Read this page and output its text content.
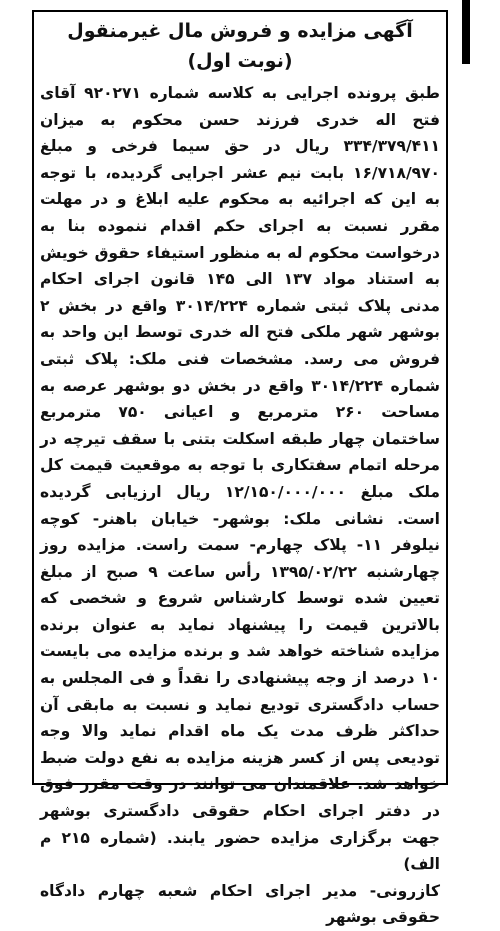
آگهی مزایده و فروش مال غیرمنقول (نوبت اول)

طبق پرونده اجرایی به کلاسه شماره ۹۲۰۲۷۱ آقای فتح اله خدری فرزند حسن محکوم به میزان ۳۳۴/۳۷۹/۴۱۱ ریال در حق سیما فرخی و مبلغ ۱۶/۷۱۸/۹۷۰ بابت نیم عشر اجرایی گردیده، با توجه به این که اجرائیه به محکوم علیه ابلاغ و در مهلت مقرر نسبت به اجرای حکم اقدام ننموده بنا به درخواست محکوم له به منظور استیفاء حقوق خویش به استناد مواد ۱۳۷ الی ۱۴۵ قانون اجرای احکام مدنی پلاک ثبتی شماره ۳۰۱۴/۲۲۴ واقع در بخش ۲ بوشهر شهر ملکی فتح اله خدری توسط این واحد به فروش می رسد. مشخصات فنی ملک: پلاک ثبتی شماره ۳۰۱۴/۲۲۴ واقع در بخش دو بوشهر عرصه به مساحت ۲۶۰ مترمربع و اعیانی ۷۵۰ مترمربع ساختمان چهار طبقه اسکلت بتنی با سقف تیرچه در مرحله اتمام سفتکاری با توجه به موقعیت قیمت کل ملک مبلغ ۱۲/۱۵۰/۰۰۰/۰۰۰ ریال ارزیابی گردیده است. نشانی ملک: بوشهر- خیابان باهنر- کوچه نیلوفر ۱۱- پلاک چهارم- سمت راست. مزایده روز چهارشنبه ۱۳۹۵/۰۲/۲۲ رأس ساعت ۹ صبح از مبلغ تعیین شده توسط کارشناس شروع و شخصی که بالاترین قیمت را پیشنهاد نماید به عنوان برنده مزایده شناخته خواهد شد و برنده مزایده می بایست ۱۰ درصد از وجه پیشنهادی را نقداً و فی المجلس به حساب دادگستری تودیع نماید و نسبت به مابقی آن حداکثر ظرف مدت یک ماه اقدام نماید والا وجه تودیعی پس از کسر هزینه مزایده به نفع دولت ضبط خواهد شد. علاقمندان می توانند در وقت مقرر فوق در دفتر اجرای احکام حقوقی دادگستری بوشهر جهت برگزاری مزایده حضور یابند. (شماره ۲۱۵ م الف)

کازرونی- مدیر اجرای احکام شعبه چهارم دادگاه حقوقی بوشهر
